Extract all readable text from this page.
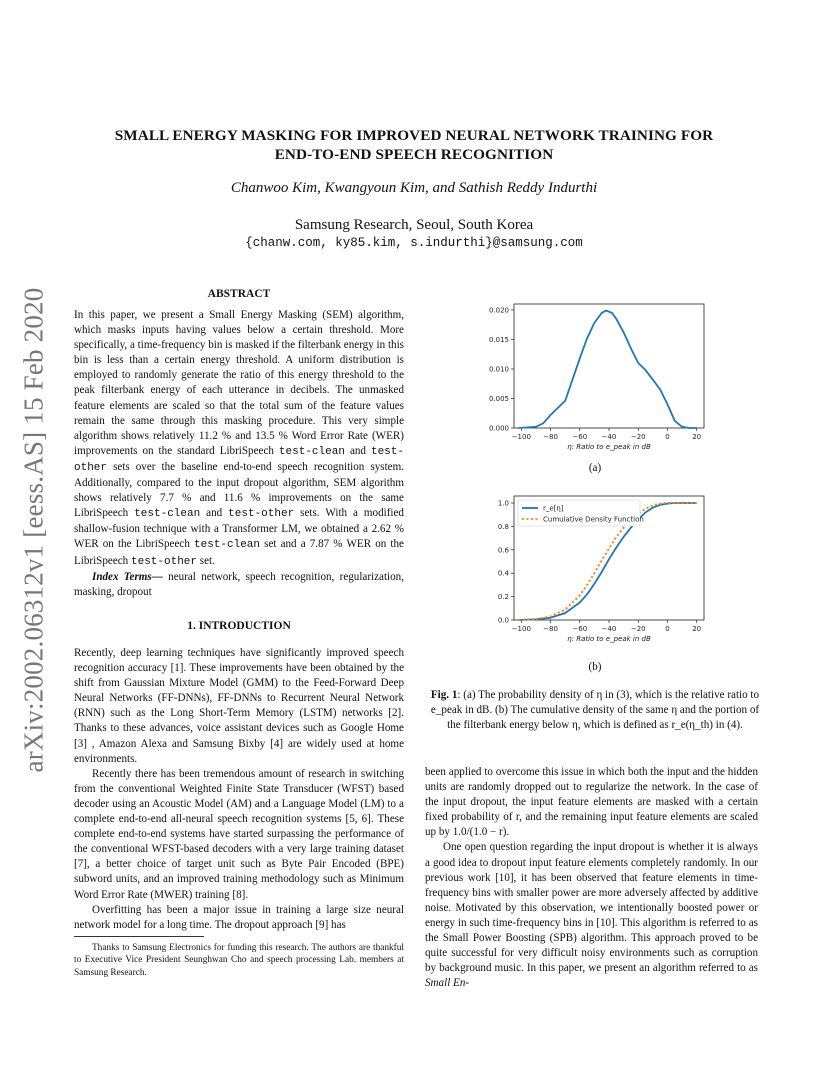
arXiv:2002.06312v1 [eess.AS] 15 Feb 2020
SMALL ENERGY MASKING FOR IMPROVED NEURAL NETWORK TRAINING FOR
END-TO-END SPEECH RECOGNITION
Chanwoo Kim, Kwangyoun Kim, and Sathish Reddy Indurthi
Samsung Research, Seoul, South Korea
{chanw.com, ky85.kim, s.indurthi}@samsung.com
ABSTRACT

In this paper, we present a Small Energy Masking (SEM) algorithm, which masks inputs having values below a certain threshold. More specifically, a time-frequency bin is masked if the filterbank energy in this bin is less than a certain energy threshold. A uniform distribution is employed to randomly generate the ratio of this energy threshold to the peak filterbank energy of each utterance in decibels. The unmasked feature elements are scaled so that the total sum of the feature values remain the same through this masking procedure. This very simple algorithm shows relatively 11.2 % and 13.5 % Word Error Rate (WER) improvements on the standard LibriSpeech test-clean and test-other sets over the baseline end-to-end speech recognition system. Additionally, compared to the input dropout algorithm, SEM algorithm shows relatively 7.7 % and 11.6 % improvements on the same LibriSpeech test-clean and test-other sets. With a modified shallow-fusion technique with a Transformer LM, we obtained a 2.62 % WER on the LibriSpeech test-clean set and a 7.87 % WER on the LibriSpeech test-other set.

Index Terms— neural network, speech recognition, regularization, masking, dropout
1. INTRODUCTION

Recently, deep learning techniques have significantly improved speech recognition accuracy [1]. These improvements have been obtained by the shift from Gaussian Mixture Model (GMM) to the Feed-Forward Deep Neural Networks (FF-DNNs), FF-DNNs to Recurrent Neural Network (RNN) such as the Long Short-Term Memory (LSTM) networks [2]. Thanks to these advances, voice assistant devices such as Google Home [3] , Amazon Alexa and Samsung Bixby [4] are widely used at home environments.

Recently there has been tremendous amount of research in switching from the conventional Weighted Finite State Transducer (WFST) based decoder using an Acoustic Model (AM) and a Language Model (LM) to a complete end-to-end all-neural speech recognition systems [5, 6]. These complete end-to-end systems have started surpassing the performance of the conventional WFST-based decoders with a very large training dataset [7], a better choice of target unit such as Byte Pair Encoded (BPE) subword units, and an improved training methodology such as Minimum Word Error Rate (MWER) training [8].

Overfitting has been a major issue in training a large size neural network model for a long time. The dropout approach [9] has

Thanks to Samsung Electronics for funding this research. The authors are thankful to Executive Vice President Seunghwan Cho and speech processing Lab. members at Samsung Research.
−100 −80 −60 −40 −20	0	20
0.000
0.005
0.010
0.015
0.020
η: Ratio to e_peak in dB
(a)
−100 −80 −60 −40 −20	0	20
0.0
0.2
0.4
0.6
0.8
1.0
η: Ratio to e_peak in dB
r_e[η]
Cumulative Density Function
(b)
Fig. 1: (a) The probability density of η in (3), which is the relative ratio to e_peak in dB. (b) The cumulative density of the same η and the portion of the filterbank energy below η, which is defined as r_e(η_th) in (4).

been applied to overcome this issue in which both the input and the hidden units are randomly dropped out to regularize the network. In the case of the input dropout, the input feature elements are masked with a certain fixed probability of r, and the remaining input feature elements are scaled up by 1.0/(1.0 − r).

One open question regarding the input dropout is whether it is always a good idea to dropout input feature elements completely randomly. In our previous work [10], it has been observed that feature elements in time-frequency bins with smaller power are more adversely affected by additive noise. Motivated by this observation, we intentionally boosted power or energy in such time-frequency bins in [10]. This algorithm is referred to as the Small Power Boosting (SPB) algorithm. This approach proved to be quite successful for very difficult noisy environments such as corruption by background music. In this paper, we present an algorithm referred to as Small En-
